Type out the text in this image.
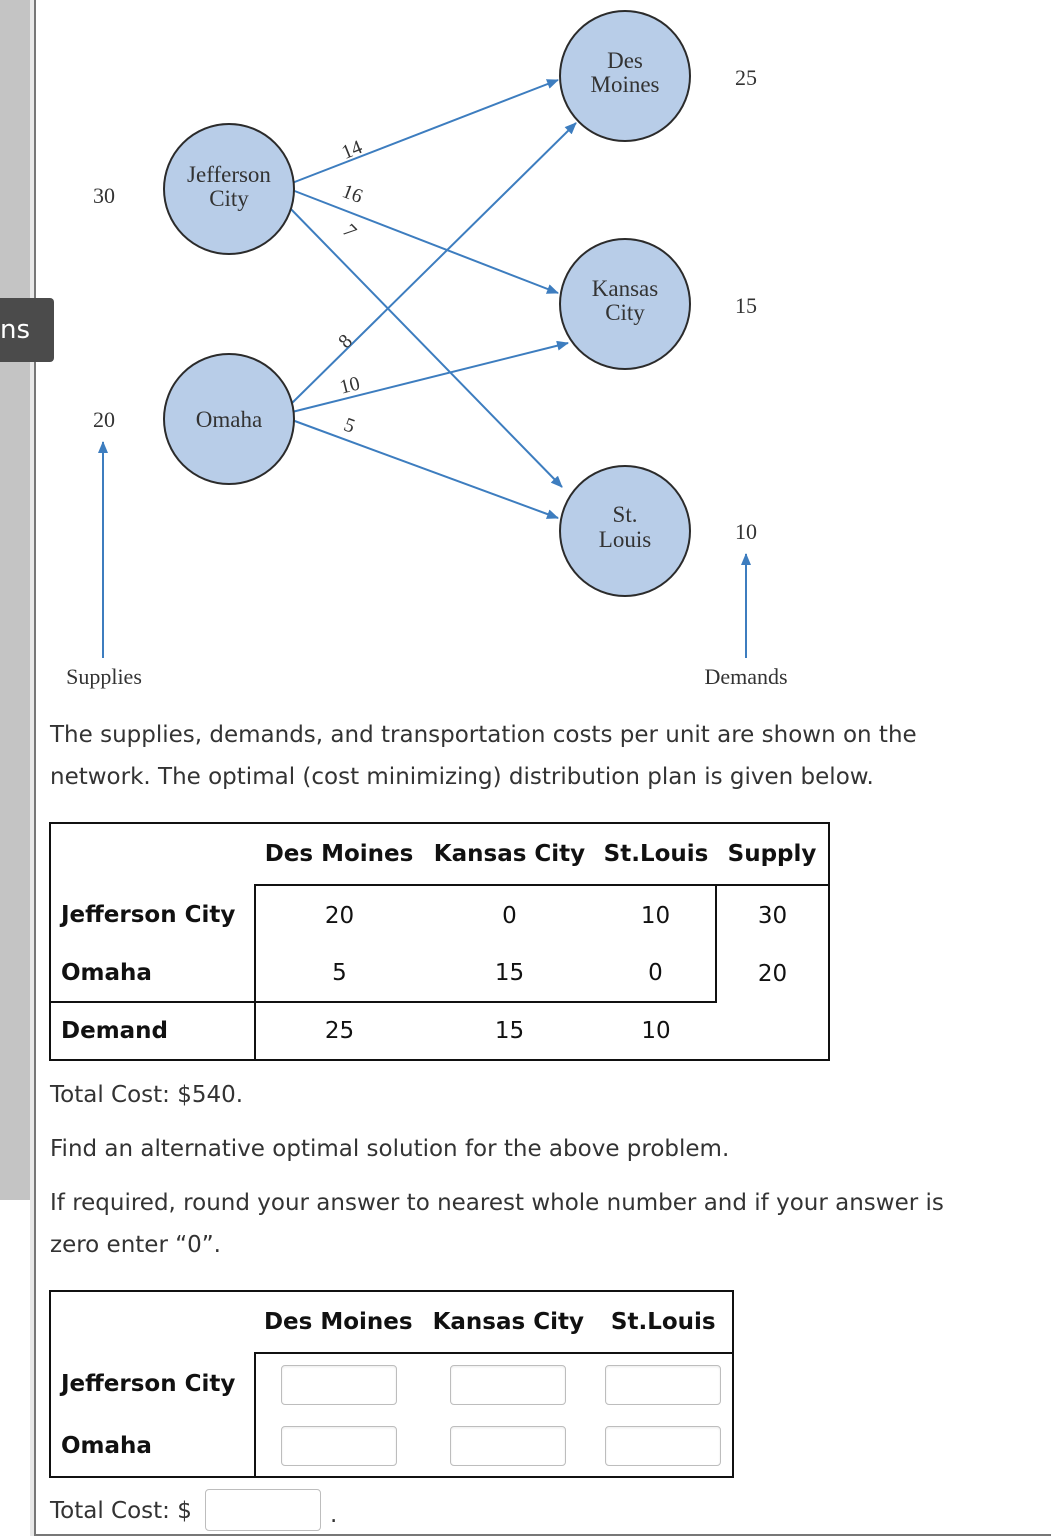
ns
14
16
7
8
10
5
Jefferson
City
Omaha
Des
Moines
Kansas
City
St.
Louis
30
20
25
15
10
Supplies	Demands

The supplies, demands, and transportation costs per unit are shown on the

network. The optimal (cost minimizing) distribution plan is given below.

	Des Moines	Kansas City	St.Louis	Supply
Jefferson City	20	0	10	30
Omaha	5	15	0	20
Demand	25	15	10	

Total Cost: $540.

Find an alternative optimal solution for the above problem.

If required, round your answer to nearest whole number and if your answer is

zero enter “0”.

	Des Moines	Kansas City	St.Louis
Jefferson City			
Omaha			

Total Cost: $	.
